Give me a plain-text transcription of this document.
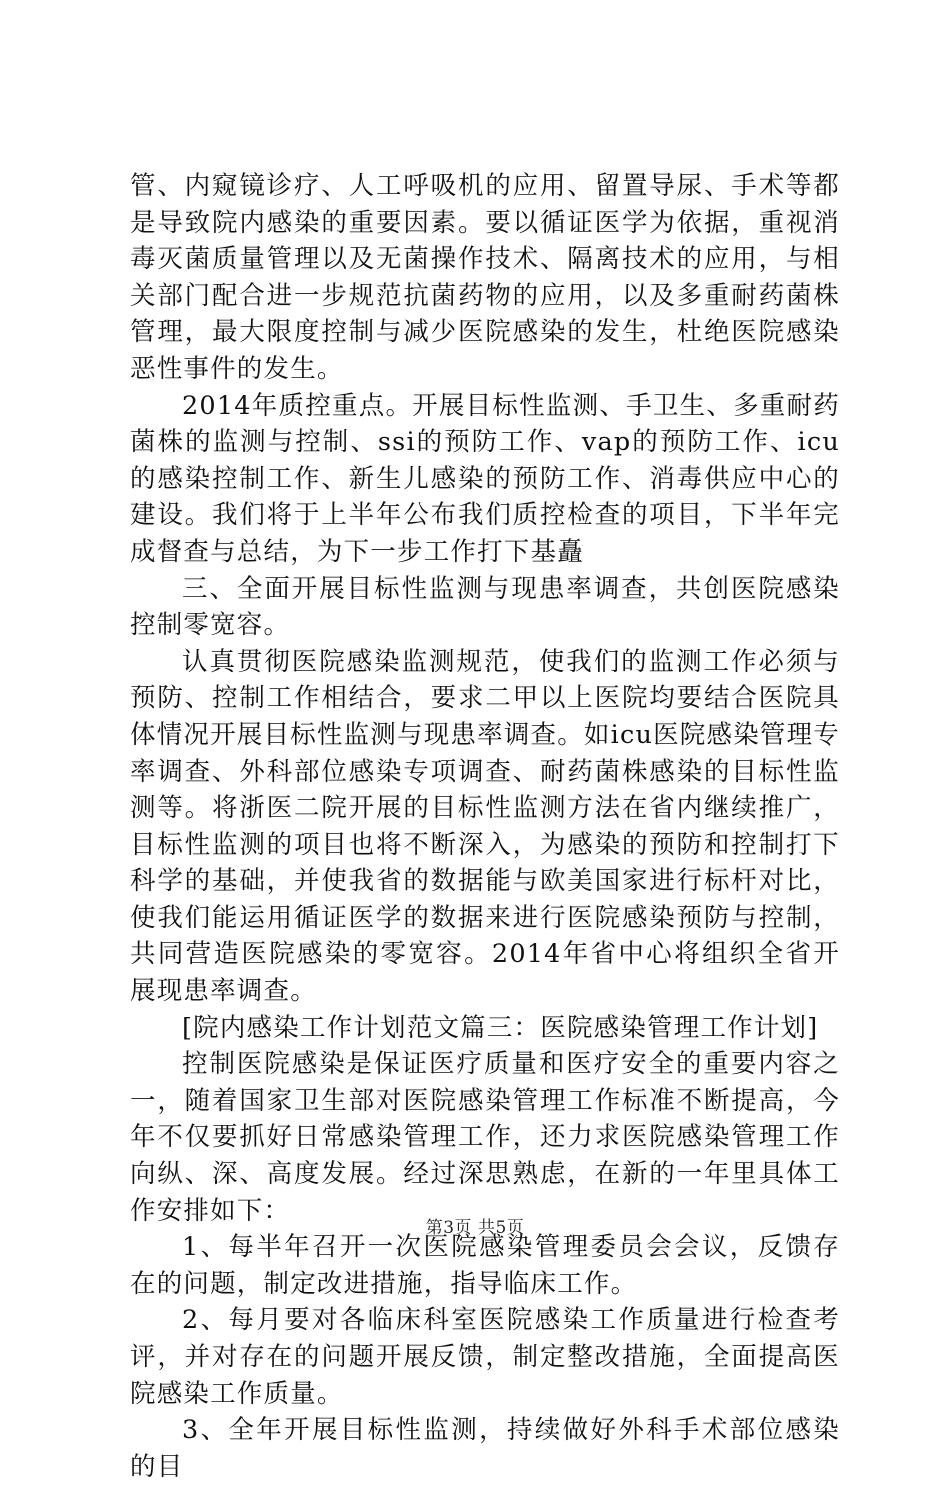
管、内窥镜诊疗、人工呼吸机的应用、留置导尿、手术等都是导致院内感染的重要因素。要以循证医学为依据，重视消毒灭菌质量管理以及无菌操作技术、隔离技术的应用，与相关部门配合进一步规范抗菌药物的应用，以及多重耐药菌株管理，最大限度控制与减少医院感染的发生，杜绝医院感染恶性事件的发生。

2014年质控重点。开展目标性监测、手卫生、多重耐药菌株的监测与控制、ssi的预防工作、vap的预防工作、icu的感染控制工作、新生儿感染的预防工作、消毒供应中心的建设。我们将于上半年公布我们质控检查的项目，下半年完成督查与总结，为下一步工作打下基矗

三、全面开展目标性监测与现患率调查，共创医院感染控制零宽容。

认真贯彻医院感染监测规范，使我们的监测工作必须与预防、控制工作相结合，要求二甲以上医院均要结合医院具体情况开展目标性监测与现患率调查。如icu医院感染管理专率调查、外科部位感染专项调查、耐药菌株感染的目标性监测等。将浙医二院开展的目标性监测方法在省内继续推广，目标性监测的项目也将不断深入，为感染的预防和控制打下科学的基础，并使我省的数据能与欧美国家进行标杆对比，使我们能运用循证医学的数据来进行医院感染预防与控制，共同营造医院感染的零宽容。2014年省中心将组织全省开展现患率调查。

[院内感染工作计划范文篇三：医院感染管理工作计划]

控制医院感染是保证医疗质量和医疗安全的重要内容之一，随着国家卫生部对医院感染管理工作标准不断提高，今年不仅要抓好日常感染管理工作，还力求医院感染管理工作向纵、深、高度发展。经过深思熟虑，在新的一年里具体工作安排如下：

1、每半年召开一次医院感染管理委员会会议，反馈存在的问题，制定改进措施，指导临床工作。

2、每月要对各临床科室医院感染工作质量进行检查考评，并对存在的问题开展反馈，制定整改措施，全面提高医院感染工作质量。

3、全年开展目标性监测，持续做好外科手术部位感染的目

第3页 共5页
